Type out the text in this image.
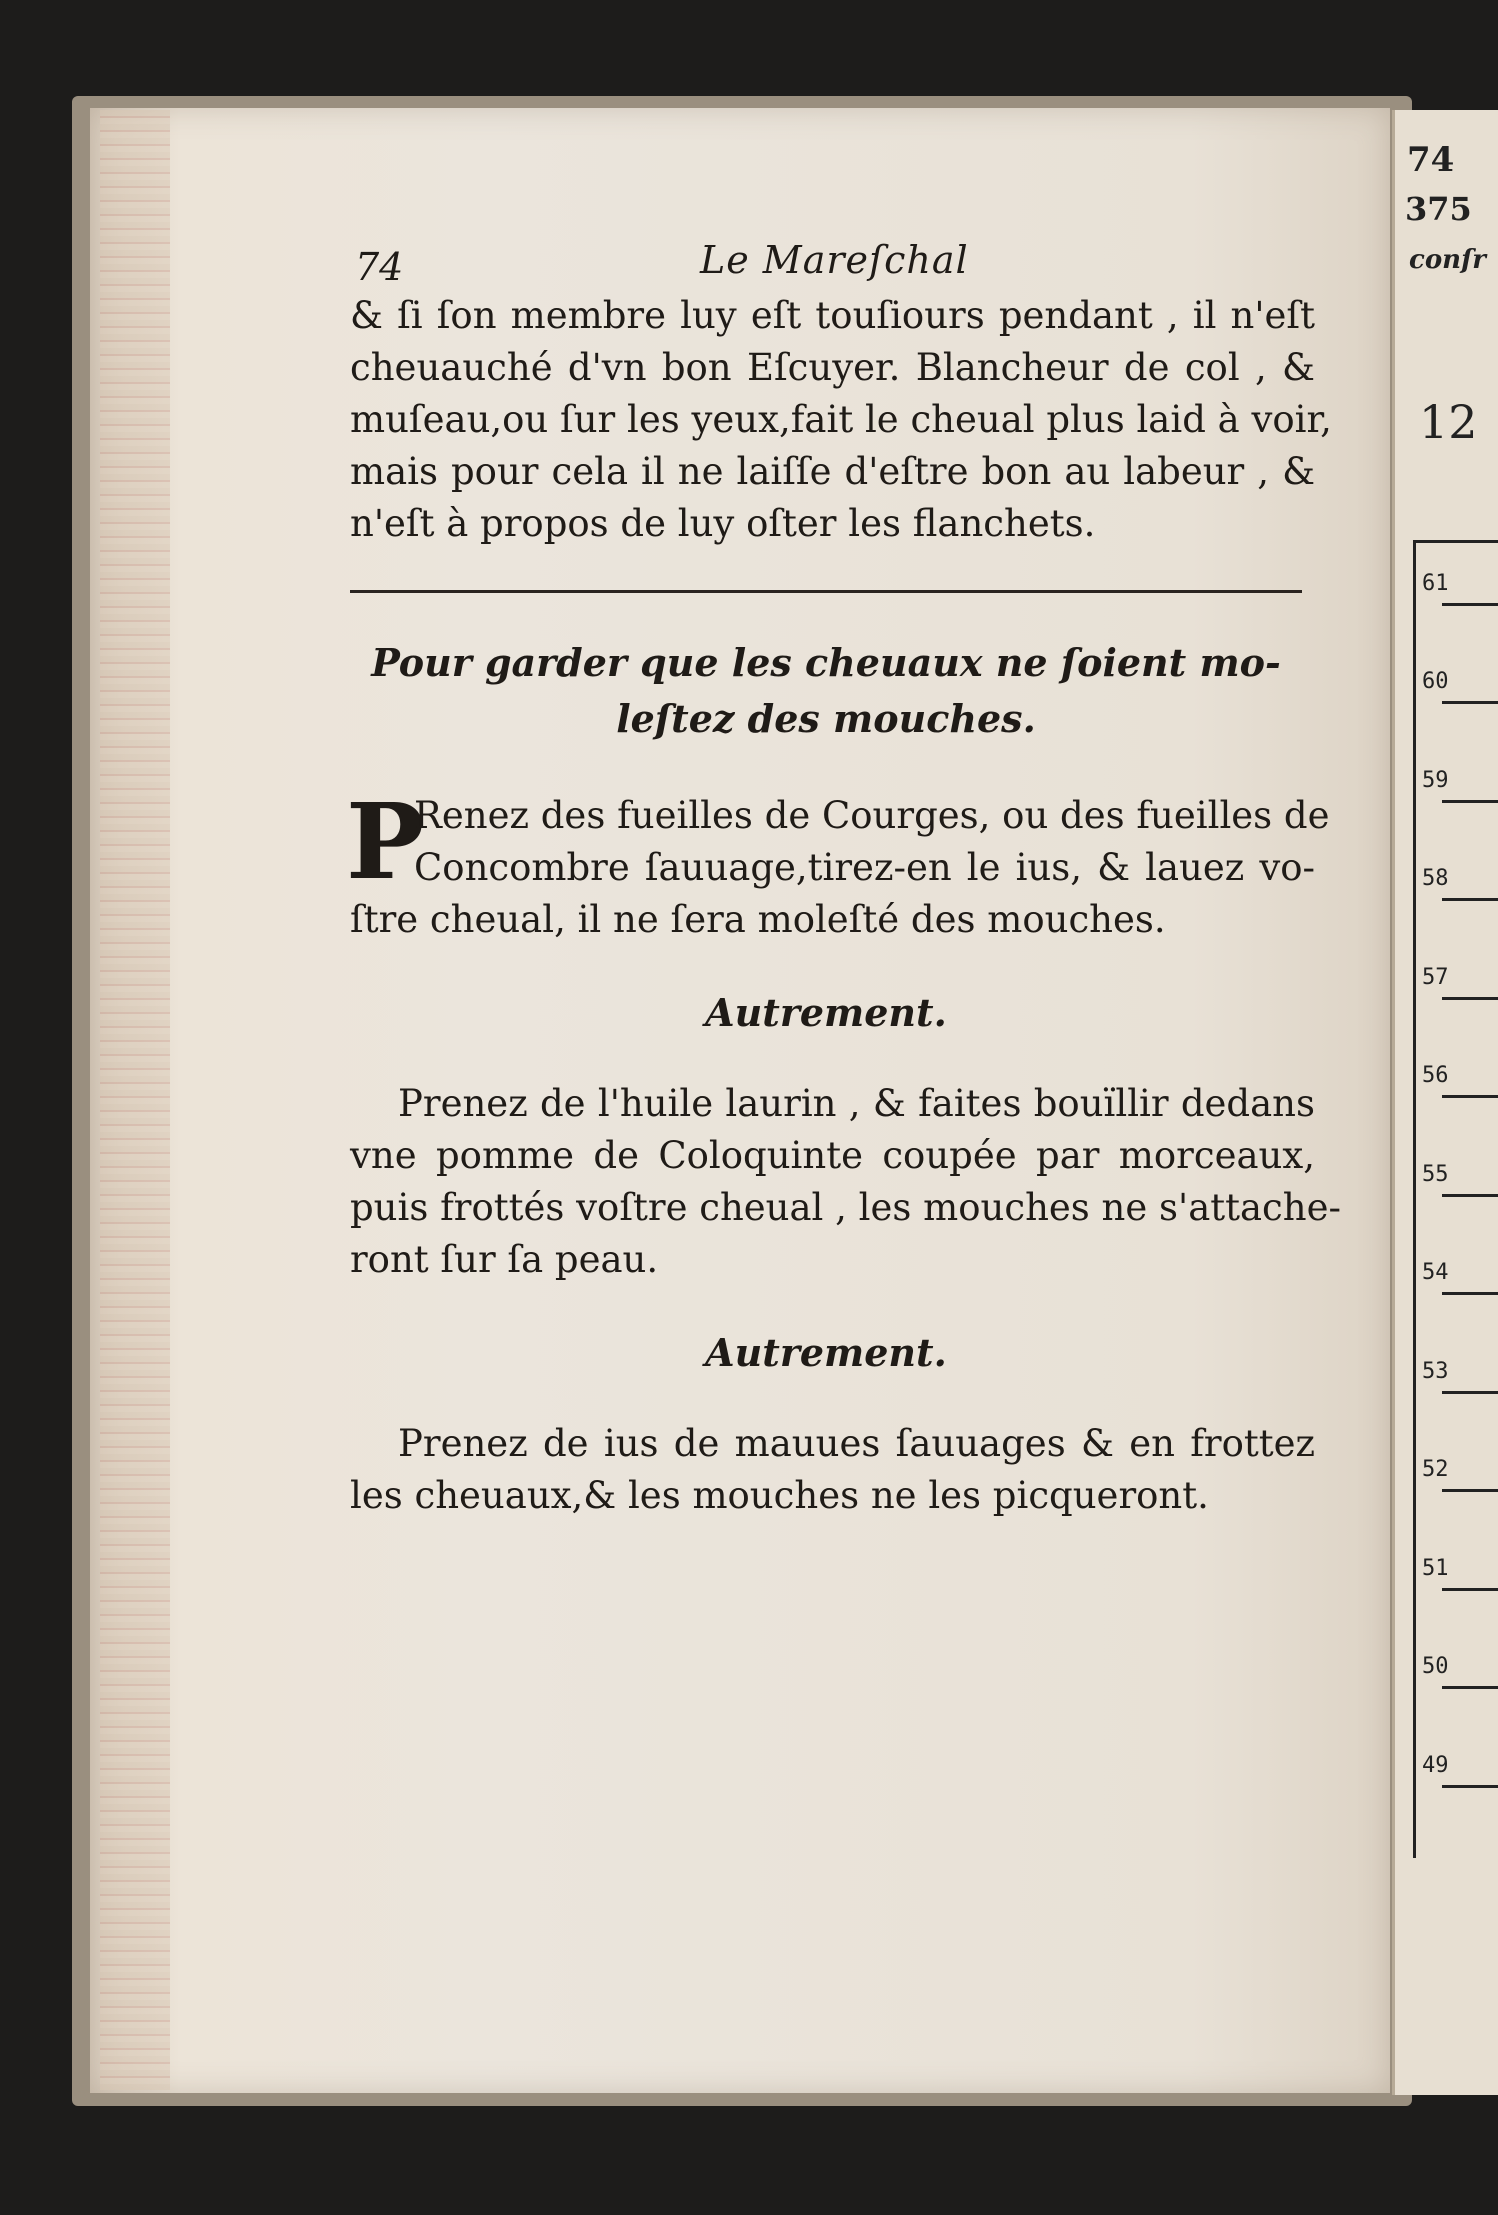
74
375
conſr
12
61
60
59
58
57
56
55
54
53
52
51
50
49
74	Le Mareſchal
& ſi ſon membre luy eſt touſiours pendant , il n'eſt
cheuauché d'vn bon Eſcuyer. Blancheur de col , &
muſeau,ou ſur les yeux,fait le cheual plus laid à voir,
mais pour cela il ne laiſſe d'eſtre bon au labeur , &
n'eſt à propos de luy oſter les flanchets.
Pour garder que les cheuaux ne ſoient mo-
leſtez des mouches.
P
Renez des fueilles de Courges, ou des fueilles de
Concombre ſauuage,tirez-en le ius, & lauez vo-
ſtre cheual, il ne ſera moleſté des mouches.
Autrement.
Prenez de l'huile laurin , & faites bouïllir dedans
vne pomme de Coloquinte coupée par morceaux,
puis frottés voſtre cheual , les mouches ne s'attache-
ront ſur ſa peau.
Autrement.
Prenez de ius de mauues ſauuages & en frottez
les cheuaux,& les mouches ne les picqueront.
